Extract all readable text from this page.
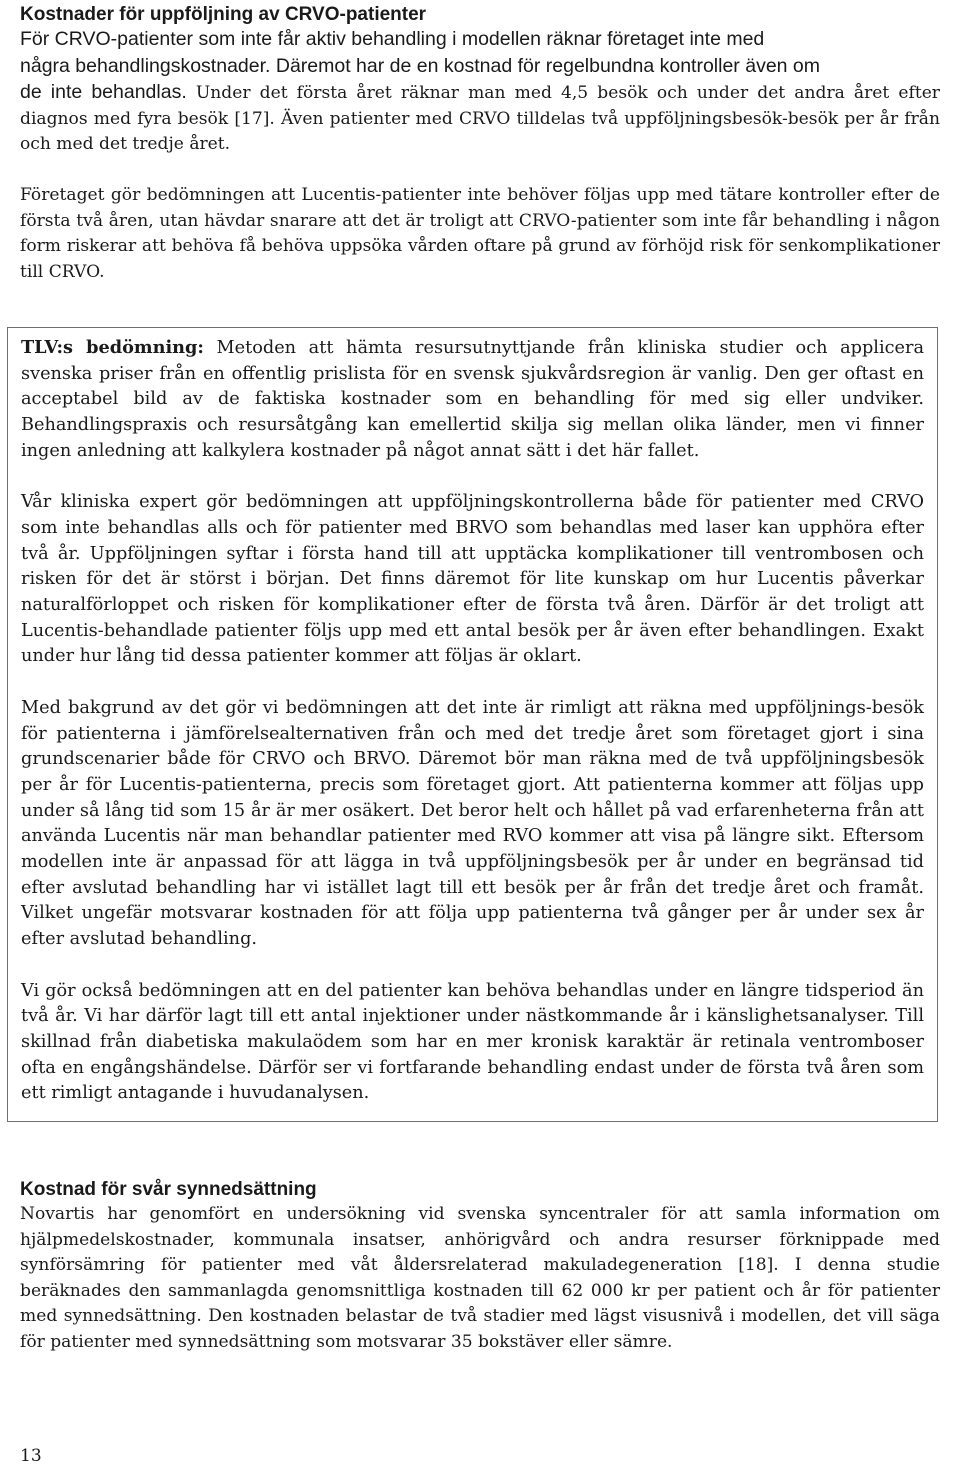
Kostnader för uppföljning av CRVO-patienter
För CRVO-patienter som inte får aktiv behandling i modellen räknar företaget inte med
några behandlingskostnader. Däremot har de en kostnad för regelbundna kontroller även om
de inte behandlas. Under det första året räknar man med 4,5 besök och under det andra året efter diagnos med fyra besök [17]. Även patienter med CRVO tilldelas två uppföljningsbesök-besök per år från och med det tredje året.
Företaget gör bedömningen att Lucentis-patienter inte behöver följas upp med tätare kontroller efter de första två åren, utan hävdar snarare att det är troligt att CRVO-patienter som inte får behandling i någon form riskerar att behöva få behöva uppsöka vården oftare på grund av förhöjd risk för senkomplikationer till CRVO.
TLV:s bedömning: Metoden att hämta resursutnyttjande från kliniska studier och applicera svenska priser från en offentlig prislista för en svensk sjukvårdsregion är vanlig. Den ger oftast en acceptabel bild av de faktiska kostnader som en behandling för med sig eller undviker. Behandlingspraxis och resursåtgång kan emellertid skilja sig mellan olika länder, men vi finner ingen anledning att kalkylera kostnader på något annat sätt i det här fallet.
Vår kliniska expert gör bedömningen att uppföljningskontrollerna både för patienter med CRVO som inte behandlas alls och för patienter med BRVO som behandlas med laser kan upphöra efter två år. Uppföljningen syftar i första hand till att upptäcka komplikationer till ventrombosen och risken för det är störst i början. Det finns däremot för lite kunskap om hur Lucentis påverkar naturalförloppet och risken för komplikationer efter de första två åren. Därför är det troligt att Lucentis-behandlade patienter följs upp med ett antal besök per år även efter behandlingen. Exakt under hur lång tid dessa patienter kommer att följas är oklart.
Med bakgrund av det gör vi bedömningen att det inte är rimligt att räkna med uppföljnings-besök för patienterna i jämförelsealternativen från och med det tredje året som företaget gjort i sina grundscenarier både för CRVO och BRVO. Däremot bör man räkna med de två uppföljningsbesök per år för Lucentis-patienterna, precis som företaget gjort. Att patienterna kommer att följas upp under så lång tid som 15 år är mer osäkert. Det beror helt och hållet på vad erfarenheterna från att använda Lucentis när man behandlar patienter med RVO kommer att visa på längre sikt. Eftersom modellen inte är anpassad för att lägga in två uppföljningsbesök per år under en begränsad tid efter avslutad behandling har vi istället lagt till ett besök per år från det tredje året och framåt. Vilket ungefär motsvarar kostnaden för att följa upp patienterna två gånger per år under sex år efter avslutad behandling.
Vi gör också bedömningen att en del patienter kan behöva behandlas under en längre tidsperiod än två år. Vi har därför lagt till ett antal injektioner under nästkommande år i känslighetsanalyser. Till skillnad från diabetiska makulaödem som har en mer kronisk karaktär är retinala ventromboser ofta en engångshändelse. Därför ser vi fortfarande behandling endast under de första två åren som ett rimligt antagande i huvudanalysen.
Kostnad för svår synnedsättning
Novartis har genomfört en undersökning vid svenska syncentraler för att samla information om hjälpmedelskostnader, kommunala insatser, anhörigvård och andra resurser förknippade med synförsämring för patienter med våt åldersrelaterad makuladegeneration [18]. I denna studie beräknades den sammanlagda genomsnittliga kostnaden till 62 000 kr per patient och år för patienter med synnedsättning. Den kostnaden belastar de två stadier med lägst visusnivå i modellen, det vill säga för patienter med synnedsättning som motsvarar 35 bokstäver eller sämre.
13
